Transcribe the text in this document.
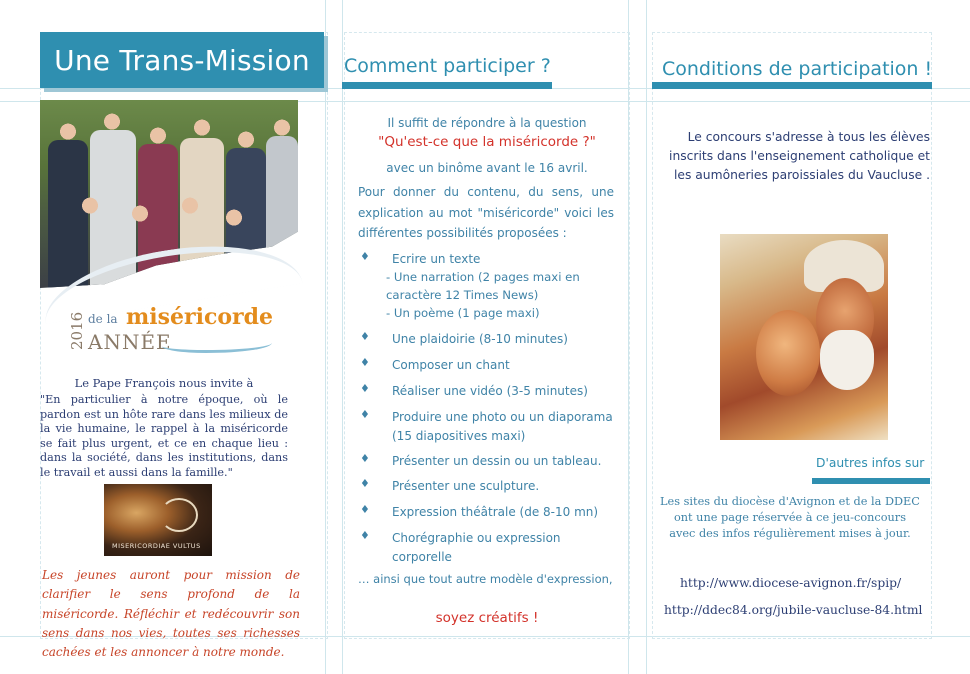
Une Trans-Mission
2016 de la miséricorde
ANNÉE
Le Pape François nous invite à
"En particulier à notre époque, où le pardon est un hôte rare dans les milieux de la vie humaine, le rappel à la miséricorde se fait plus urgent, et ce en chaque lieu : dans la société, dans les institutions, dans le travail et aussi dans la famille."
MISERICORDIAE VULTUS
Les jeunes auront pour mission de clarifier le sens profond de la miséricorde. Réfléchir et redécouvrir son sens dans nos vies, toutes ses richesses cachées et les annoncer à notre monde.
Comment participer ?
Il suffit de répondre à la question
"Qu'est-ce que la miséricorde ?"
avec un binôme avant le 16 avril.
Pour donner du contenu, du sens, une explication au mot "miséricorde" voici les différentes possibilités proposées :
♦ Ecrire un texte
- Une narration (2 pages maxi en caractère 12 Times News)
- Un poème (1 page maxi)
♦ Une plaidoirie (8-10 minutes)
♦ Composer un chant
♦ Réaliser une vidéo (3-5 minutes)
♦ Produire une photo ou un diaporama (15 diapositives maxi)
♦ Présenter un dessin ou un tableau.
♦ Présenter une sculpture.
♦ Expression théâtrale (de 8-10 mn)
♦ Chorégraphie ou expression corporelle
… ainsi que tout autre modèle d'expression,
soyez créatifs !
Conditions de participation !
Le concours s'adresse à tous les élèves inscrits dans l'enseignement catholique et les aumôneries paroissiales du Vaucluse .
D'autres infos sur
Les sites du diocèse d'Avignon et de la DDEC ont une page réservée à ce jeu-concours avec des infos régulièrement mises à jour.
http://www.diocese-avignon.fr/spip/
http://ddec84.org/jubile-vaucluse-84.html
